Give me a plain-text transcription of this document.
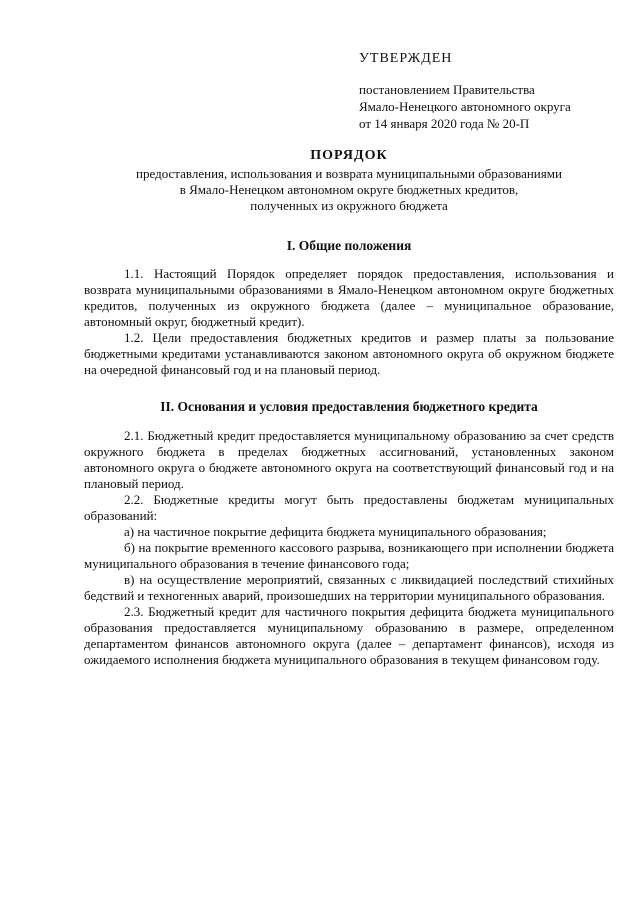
УТВЕРЖДЕН
постановлением Правительства
Ямало-Ненецкого автономного округа
от 14 января 2020 года № 20-П
ПОРЯДОК
предоставления, использования и возврата муниципальными образованиями
в Ямало-Ненецком автономном округе бюджетных кредитов,
полученных из окружного бюджета
I. Общие положения

1.1. Настоящий Порядок определяет порядок предоставления, использования и возврата муниципальными образованиями в Ямало-Ненецком автономном округе бюджетных кредитов, полученных из окружного бюджета (далее – муниципальное образование, автономный округ, бюджетный кредит).

1.2. Цели предоставления бюджетных кредитов и размер платы за пользование бюджетными кредитами устанавливаются законом автономного округа об окружном бюджете на очередной финансовый год и на плановый период.

II. Основания и условия предоставления бюджетного кредита

2.1. Бюджетный кредит предоставляется муниципальному образованию за счет средств окружного бюджета в пределах бюджетных ассигнований, установленных законом автономного округа о бюджете автономного округа на соответствующий финансовый год и на плановый период.

2.2. Бюджетные кредиты могут быть предоставлены бюджетам муниципальных образований:

а) на частичное покрытие дефицита бюджета муниципального образования;

б) на покрытие временного кассового разрыва, возникающего при исполнении бюджета муниципального образования в течение финансового года;

в) на осуществление мероприятий, связанных с ликвидацией последствий стихийных бедствий и техногенных аварий, произошедших на территории муниципального образования.

2.3. Бюджетный кредит для частичного покрытия дефицита бюджета муниципального образования предоставляется муниципальному образованию в размере, определенном департаментом финансов автономного округа (далее – департамент финансов), исходя из ожидаемого исполнения бюджета муниципального образования в текущем финансовом году.
